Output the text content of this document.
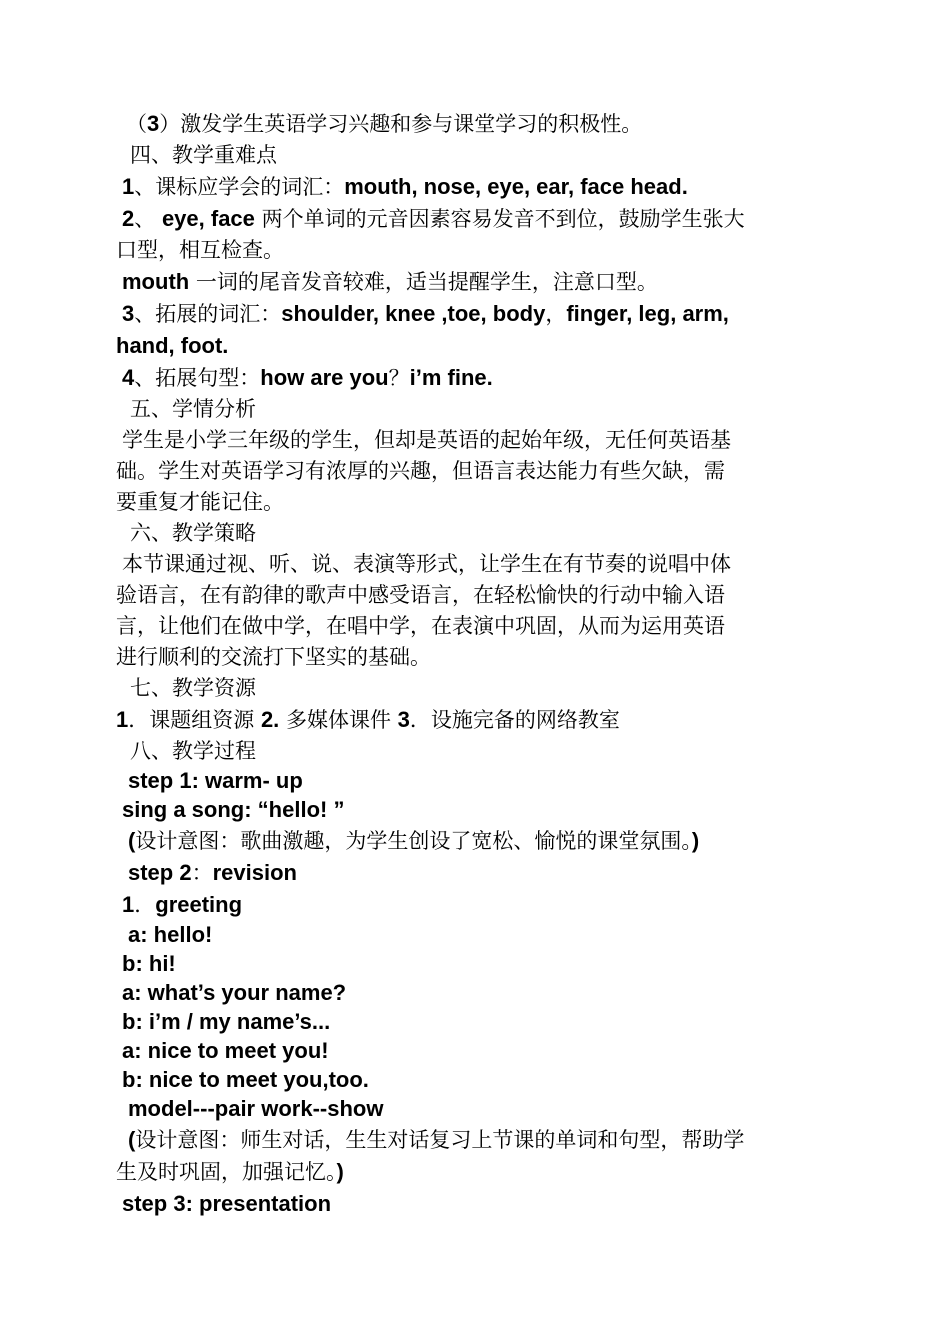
（3）激发学生英语学习兴趣和参与课堂学习的积极性。
四、教学重难点
1、课标应学会的词汇：mouth, nose, eye, ear, face head.
2、 eye, face 两个单词的元音因素容易发音不到位，鼓励学生张大
口型，相互检查。
mouth 一词的尾音发音较难，适当提醒学生，注意口型。
3、拓展的词汇：shoulder, knee ,toe, body，finger, leg, arm,
hand, foot.
4、拓展句型：how are you？i’m fine.
五、学情分析
学生是小学三年级的学生，但却是英语的起始年级，无任何英语基
础。学生对英语学习有浓厚的兴趣，但语言表达能力有些欠缺，需
要重复才能记住。
六、教学策略
本节课通过视、听、说、表演等形式，让学生在有节奏的说唱中体
验语言，在有韵律的歌声中感受语言，在轻松愉快的行动中输入语
言，让他们在做中学，在唱中学，在表演中巩固，从而为运用英语
进行顺利的交流打下坚实的基础。
七、教学资源
1．课题组资源 2. 多媒体课件 3．设施完备的网络教室
八、教学过程
step 1: warm- up
sing a song: “hello! ”
(设计意图：歌曲激趣，为学生创设了宽松、愉悦的课堂氛围。)
step 2：revision
1．greeting
a: hello!
b: hi!
a: what’s your name?
b: i’m / my name’s...
a: nice to meet you!
b: nice to meet you,too.
model---pair work--show
(设计意图：师生对话，生生对话复习上节课的单词和句型，帮助学
生及时巩固，加强记忆。)
step 3: presentation
